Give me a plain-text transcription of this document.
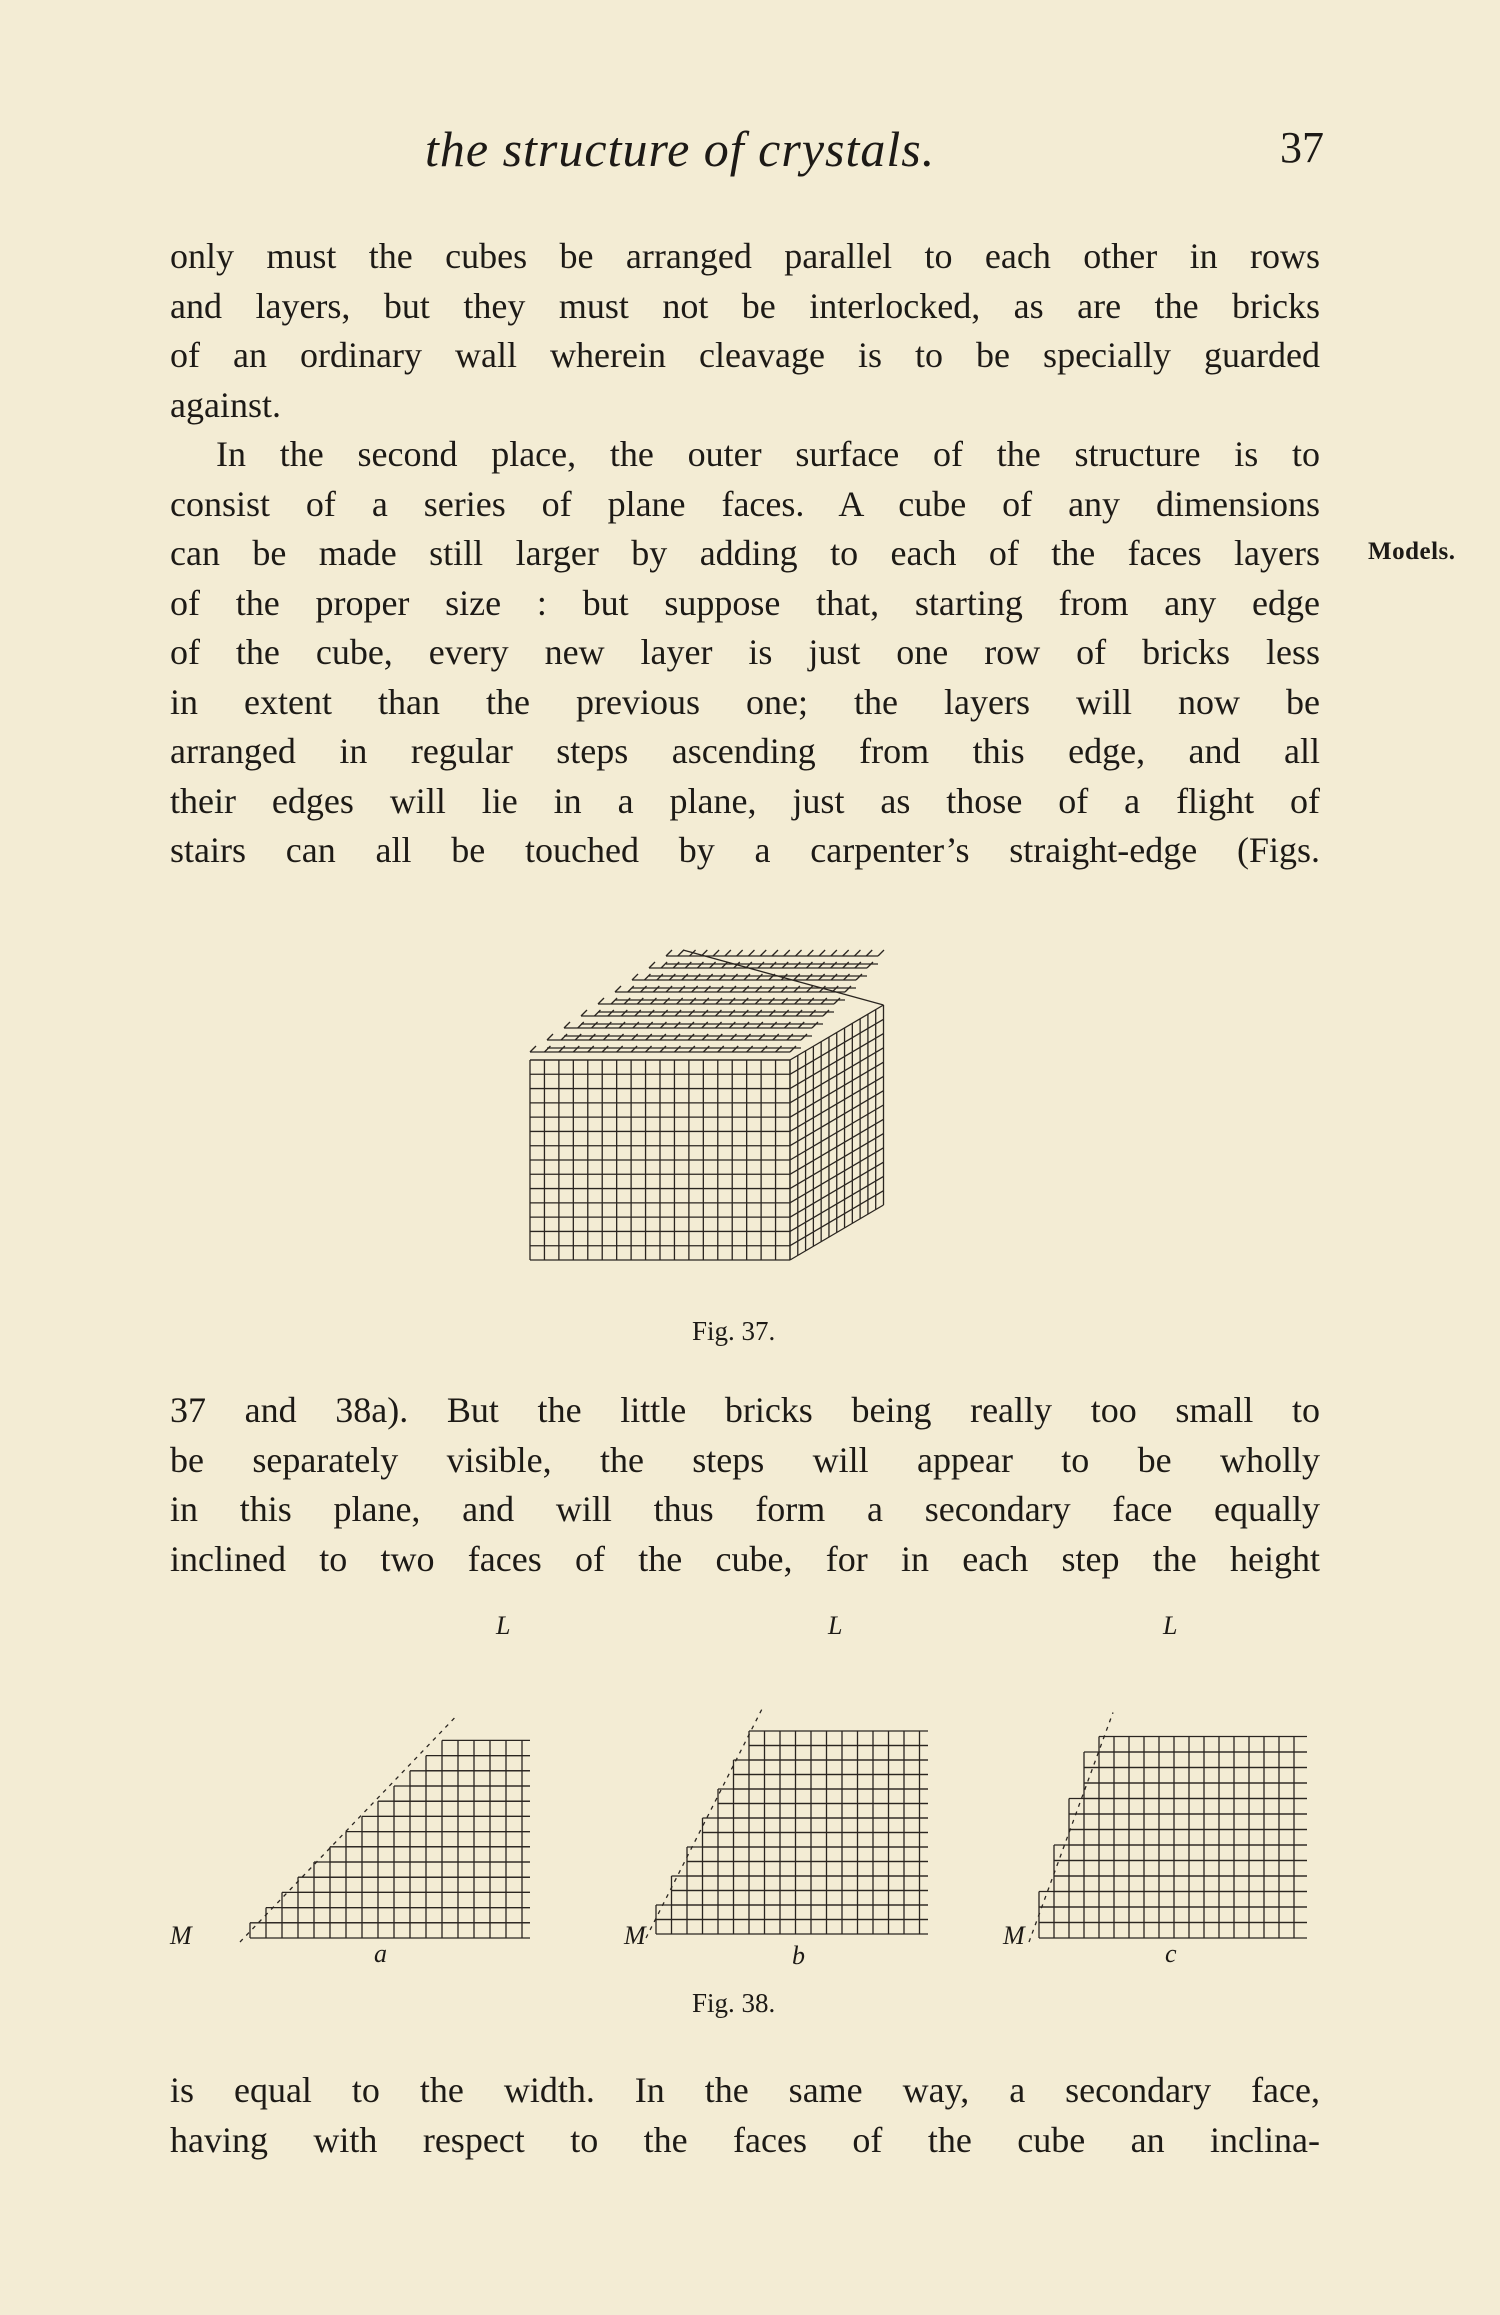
the structure of crystals.	37
only must the cubes be arranged parallel to each other in rows
and layers, but they must not be interlocked, as are the bricks
of an ordinary wall wherein cleavage is to be specially guarded
against.
In the second place, the outer surface of the structure is to
consist of a series of plane faces. A cube of any dimensions
can be made still larger by adding to each of the faces layers
of the proper size : but suppose that, starting from any edge
of the cube, every new layer is just one row of bricks less
in extent than the previous one; the layers will now be
arranged in regular steps ascending from this edge, and all
their edges will lie in a plane, just as those of a flight of
stairs can all be touched by a carpenter’s straight-edge (Figs.
Models.
Fig. 37.
37 and 38a). But the little bricks being really too small to
be separately visible, the steps will appear to be wholly
in this plane, and will thus form a secondary face equally
inclined to two faces of the cube, for in each step the height
L
M
a
L
M
b
L
M
c
Fig. 38.
is equal to the width. In the same way, a secondary face,
having with respect to the faces of the cube an inclina-
